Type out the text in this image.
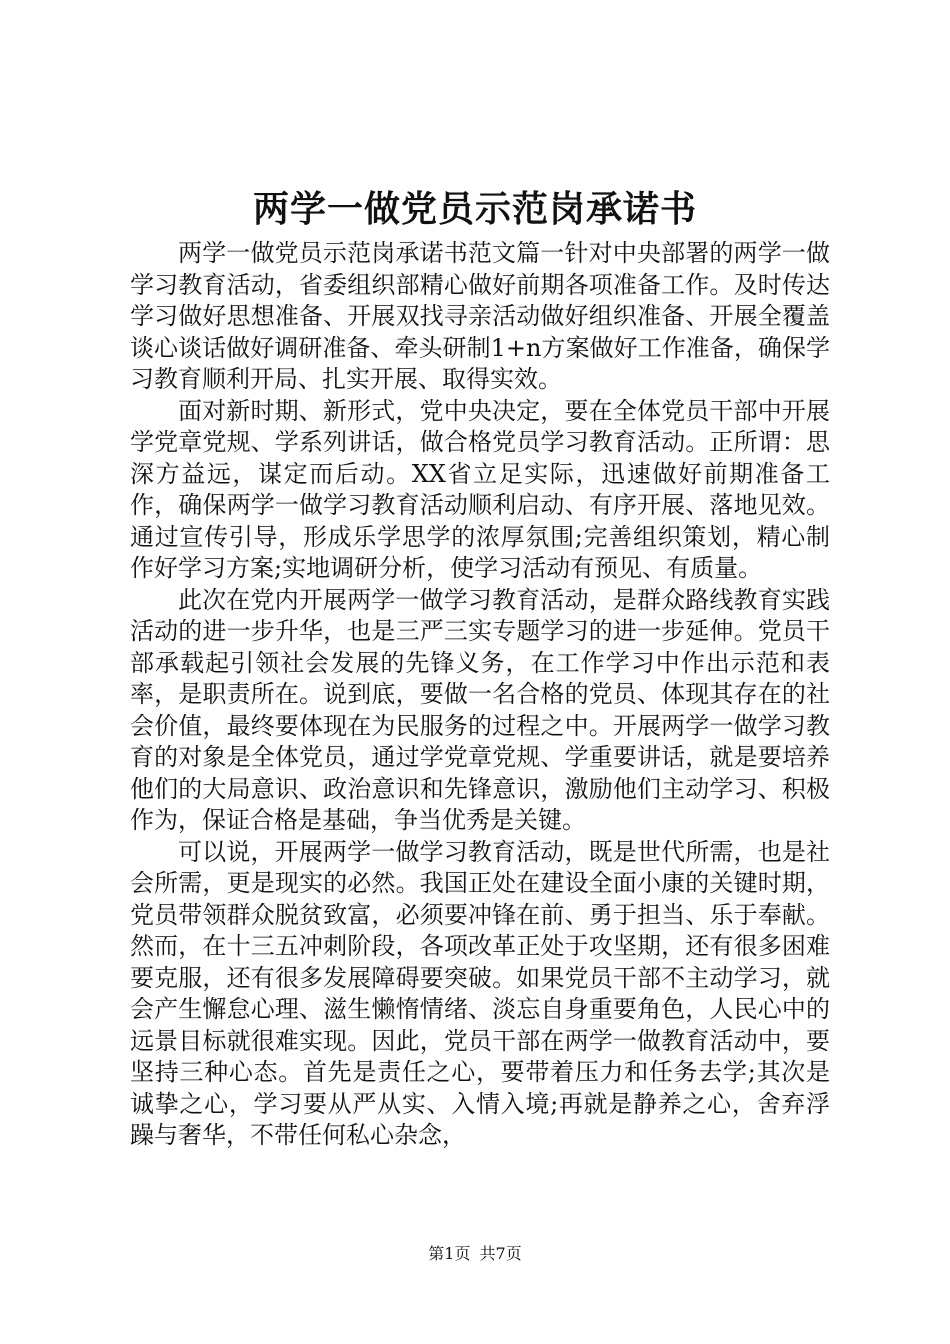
两学一做党员示范岗承诺书

两学一做党员示范岗承诺书范文篇一针对中央部署的两学一做学习教育活动，省委组织部精心做好前期各项准备工作。及时传达学习做好思想准备、开展双找寻亲活动做好组织准备、开展全覆盖谈心谈话做好调研准备、牵头研制1+n方案做好工作准备，确保学习教育顺利开局、扎实开展、取得实效。

面对新时期、新形式，党中央决定，要在全体党员干部中开展学党章党规、学系列讲话，做合格党员学习教育活动。正所谓：思深方益远，谋定而后动。XX省立足实际，迅速做好前期准备工作，确保两学一做学习教育活动顺利启动、有序开展、落地见效。通过宣传引导，形成乐学思学的浓厚氛围;完善组织策划，精心制作好学习方案;实地调研分析，使学习活动有预见、有质量。

此次在党内开展两学一做学习教育活动，是群众路线教育实践活动的进一步升华，也是三严三实专题学习的进一步延伸。党员干部承载起引领社会发展的先锋义务，在工作学习中作出示范和表率，是职责所在。说到底，要做一名合格的党员、体现其存在的社会价值，最终要体现在为民服务的过程之中。开展两学一做学习教育的对象是全体党员，通过学党章党规、学重要讲话，就是要培养他们的大局意识、政治意识和先锋意识，激励他们主动学习、积极作为，保证合格是基础，争当优秀是关键。

可以说，开展两学一做学习教育活动，既是世代所需，也是社会所需，更是现实的必然。我国正处在建设全面小康的关键时期，党员带领群众脱贫致富，必须要冲锋在前、勇于担当、乐于奉献。然而，在十三五冲刺阶段，各项改革正处于攻坚期，还有很多困难要克服，还有很多发展障碍要突破。如果党员干部不主动学习，就会产生懈怠心理、滋生懒惰情绪、淡忘自身重要角色，人民心中的远景目标就很难实现。因此，党员干部在两学一做教育活动中，要坚持三种心态。首先是责任之心，要带着压力和任务去学;其次是诚挚之心，学习要从严从实、入情入境;再就是静养之心，舍弃浮躁与奢华，不带任何私心杂念，

第1页 共7页
